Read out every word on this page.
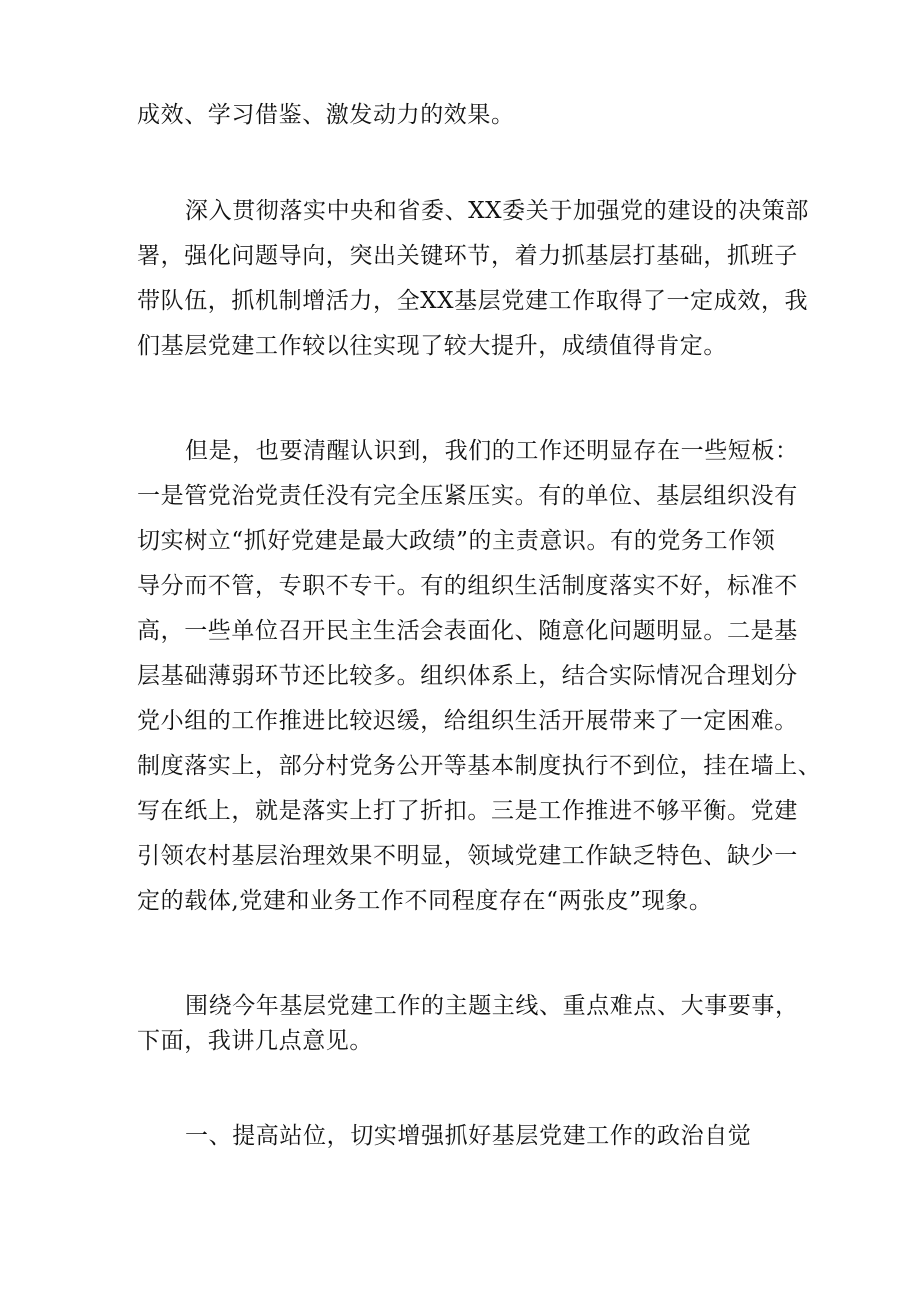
成效、学习借鉴、激发动力的效果。

深入贯彻落实中央和省委、XX委关于加强党的建设的决策部

署，强化问题导向，突出关键环节，着力抓基层打基础，抓班子

带队伍，抓机制增活力，全XX基层党建工作取得了一定成效，我

们基层党建工作较以往实现了较大提升，成绩值得肯定。

但是，也要清醒认识到，我们的工作还明显存在一些短板：

一是管党治党责任没有完全压紧压实。有的单位、基层组织没有

切实树立“抓好党建是最大政绩”的主责意识。有的党务工作领

导分而不管，专职不专干。有的组织生活制度落实不好，标准不

高，一些单位召开民主生活会表面化、随意化问题明显。二是基

层基础薄弱环节还比较多。组织体系上，结合实际情况合理划分

党小组的工作推进比较迟缓，给组织生活开展带来了一定困难。

制度落实上，部分村党务公开等基本制度执行不到位，挂在墙上、

写在纸上，就是落实上打了折扣。三是工作推进不够平衡。党建

引领农村基层治理效果不明显，领域党建工作缺乏特色、缺少一

定的载体,党建和业务工作不同程度存在“两张皮”现象。

围绕今年基层党建工作的主题主线、重点难点、大事要事，

下面，我讲几点意见。

一、提高站位，切实增强抓好基层党建工作的政治自觉
